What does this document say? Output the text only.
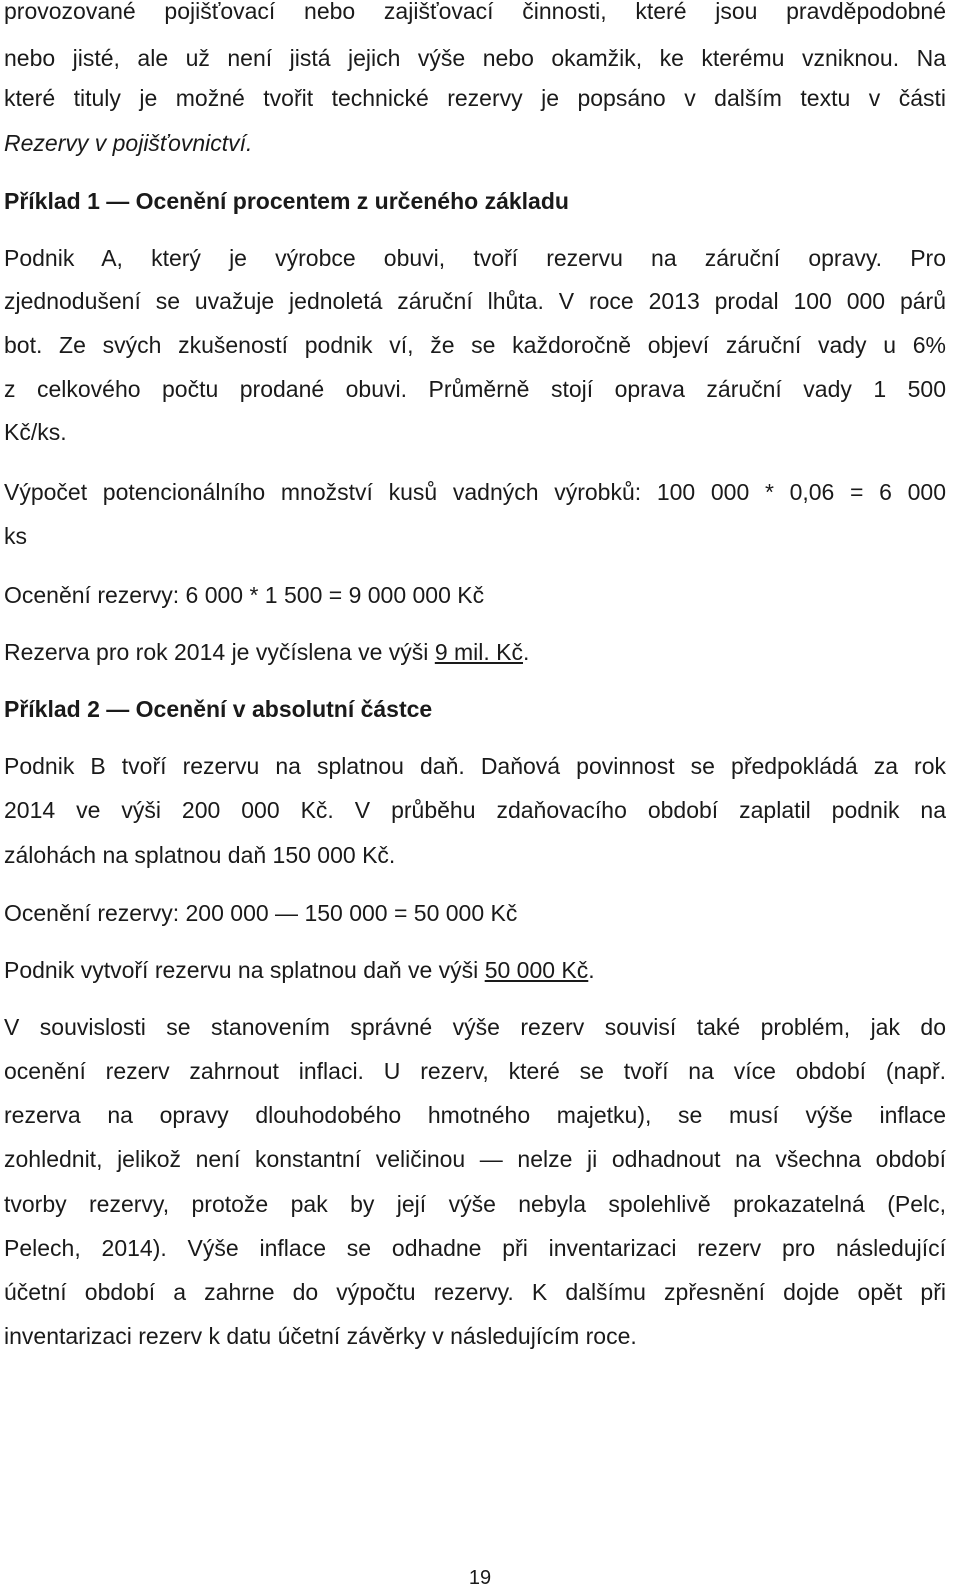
provozované pojišťovací nebo zajišťovací činnosti, které jsou pravděpodobné
nebo jisté, ale už není jistá jejich výše nebo okamžik, ke kterému vzniknou. Na
které tituly je možné tvořit technické rezervy je popsáno v dalším textu v části
Rezervy v pojišťovnictví.
Příklad 1 — Ocenění procentem z určeného základu
Podnik A, který je výrobce obuvi, tvoří rezervu na záruční opravy. Pro
zjednodušení se uvažuje jednoletá záruční lhůta. V roce 2013 prodal 100 000 párů
bot. Ze svých zkušeností podnik ví, že se každoročně objeví záruční vady u 6%
z celkového počtu prodané obuvi. Průměrně stojí oprava záruční vady 1 500
Kč/ks.
Výpočet potencionálního množství kusů vadných výrobků: 100 000 * 0,06 = 6 000
ks
Ocenění rezervy: 6 000 * 1 500 = 9 000 000 Kč
Rezerva pro rok 2014 je vyčíslena ve výši 9 mil. Kč.
Příklad 2 — Ocenění v absolutní částce
Podnik B tvoří rezervu na splatnou daň. Daňová povinnost se předpokládá za rok
2014 ve výši 200 000 Kč. V průběhu zdaňovacího období zaplatil podnik na
zálohách na splatnou daň 150 000 Kč.
Ocenění rezervy: 200 000 — 150 000 = 50 000 Kč
Podnik vytvoří rezervu na splatnou daň ve výši 50 000 Kč.
V souvislosti se stanovením správné výše rezerv souvisí také problém, jak do
ocenění rezerv zahrnout inflaci. U rezerv, které se tvoří na více období (např.
rezerva na opravy dlouhodobého hmotného majetku), se musí výše inflace
zohlednit, jelikož není konstantní veličinou — nelze ji odhadnout na všechna období
tvorby rezervy, protože pak by její výše nebyla spolehlivě prokazatelná (Pelc,
Pelech, 2014). Výše inflace se odhadne při inventarizaci rezerv pro následující
účetní období a zahrne do výpočtu rezervy. K dalšímu zpřesnění dojde opět při
inventarizaci rezerv k datu účetní závěrky v následujícím roce.
19
